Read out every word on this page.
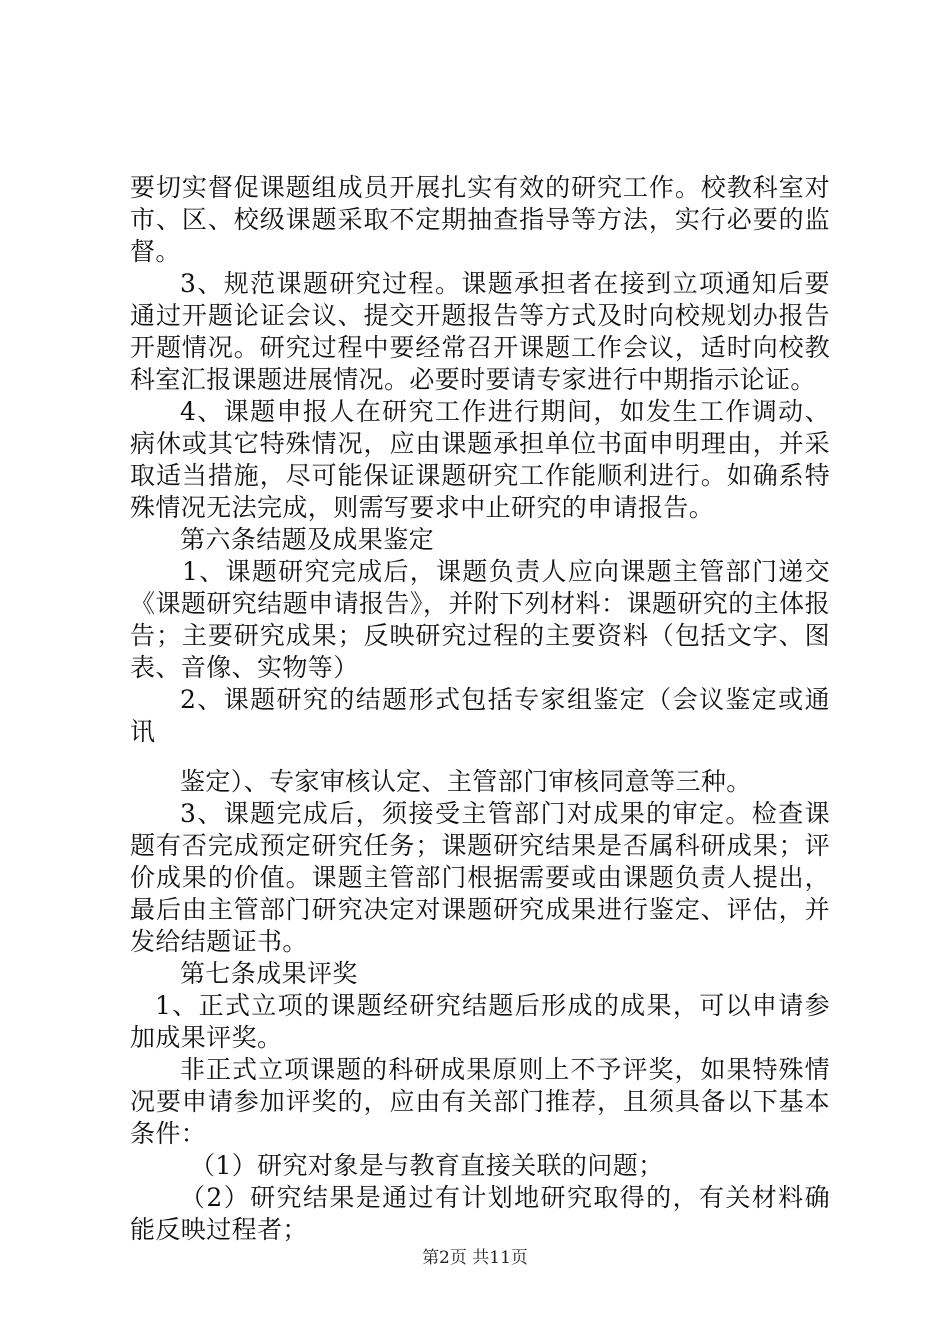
要切实督促课题组成员开展扎实有效的研究工作。校教科室对市、区、校级课题采取不定期抽查指导等方法，实行必要的监督。

3、规范课题研究过程。课题承担者在接到立项通知后要通过开题论证会议、提交开题报告等方式及时向校规划办报告开题情况。研究过程中要经常召开课题工作会议，适时向校教科室汇报课题进展情况。必要时要请专家进行中期指示论证。

4、课题申报人在研究工作进行期间，如发生工作调动、病休或其它特殊情况，应由课题承担单位书面申明理由，并采取适当措施，尽可能保证课题研究工作能顺利进行。如确系特殊情况无法完成，则需写要求中止研究的申请报告。

第六条结题及成果鉴定

1、课题研究完成后，课题负责人应向课题主管部门递交《课题研究结题申请报告》，并附下列材料：课题研究的主体报告；主要研究成果；反映研究过程的主要资料（包括文字、图表、音像、实物等）

2、课题研究的结题形式包括专家组鉴定（会议鉴定或通讯

鉴定）、专家审核认定、主管部门审核同意等三种。

3、课题完成后，须接受主管部门对成果的审定。检查课题有否完成预定研究任务；课题研究结果是否属科研成果；评价成果的价值。课题主管部门根据需要或由课题负责人提出，最后由主管部门研究决定对课题研究成果进行鉴定、评估，并发给结题证书。

第七条成果评奖

1、正式立项的课题经研究结题后形成的成果，可以申请参加成果评奖。

非正式立项课题的科研成果原则上不予评奖，如果特殊情况要申请参加评奖的，应由有关部门推荐，且须具备以下基本条件：

（1）研究对象是与教育直接关联的问题；

（2）研究结果是通过有计划地研究取得的，有关材料确能反映过程者；

第2页 共11页
